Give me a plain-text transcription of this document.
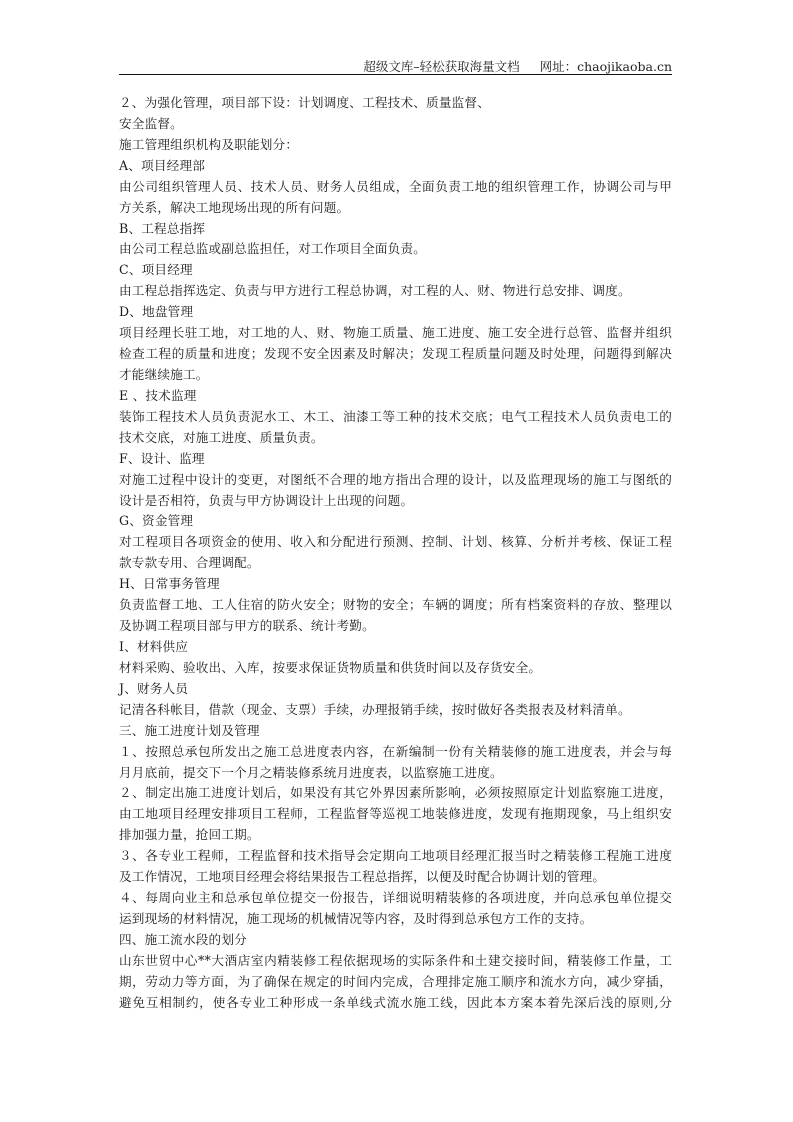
超级文库–轻松获取海量文档 网址：chaojikaoba.cn
２、为强化管理，项目部下设：计划调度、工程技术、质量监督、
安全监督。
施工管理组织机构及职能划分：
A、项目经理部
由公司组织管理人员、技术人员、财务人员组成，全面负责工地的组织管理工作，协调公司与甲
方关系，解决工地现场出现的所有问题。
B、工程总指挥
由公司工程总监或副总监担任，对工作项目全面负责。
C、项目经理
由工程总指挥选定、负责与甲方进行工程总协调，对工程的人、财、物进行总安排、调度。
D、地盘管理
项目经理长驻工地，对工地的人、财、物施工质量、施工进度、施工安全进行总管、监督并组织
检查工程的质量和进度；发现不安全因素及时解决；发现工程质量问题及时处理，问题得到解决
才能继续施工。
E 、技术监理
装饰工程技术人员负责泥水工、木工、油漆工等工种的技术交底；电气工程技术人员负责电工的
技术交底，对施工进度、质量负责。
F、设计、监理
对施工过程中设计的变更，对图纸不合理的地方指出合理的设计，以及监理现场的施工与图纸的
设计是否相符，负责与甲方协调设计上出现的问题。
G、资金管理
对工程项目各项资金的使用、收入和分配进行预测、控制、计划、核算、分析并考核、保证工程
款专款专用、合理调配。
H、日常事务管理
负责监督工地、工人住宿的防火安全；财物的安全；车辆的调度；所有档案资料的存放、整理以
及协调工程项目部与甲方的联系、统计考勤。
I、材料供应
材料采购、验收出、入库，按要求保证货物质量和供货时间以及存货安全。
J、财务人员
记清各科帐目，借款（现金、支票）手续，办理报销手续，按时做好各类报表及材料清单。
三、施工进度计划及管理
１、按照总承包所发出之施工总进度表内容，在新编制一份有关精装修的施工进度表，并会与每
月月底前，提交下一个月之精装修系统月进度表，以监察施工进度。
２、制定出施工进度计划后，如果没有其它外界因素所影响，必须按照原定计划监察施工进度，
由工地项目经理安排项目工程师，工程监督等巡视工地装修进度，发现有拖期现象，马上组织安
排加强力量，抢回工期。
３、各专业工程师，工程监督和技术指导会定期向工地项目经理汇报当时之精装修工程施工进度
及工作情况，工地项目经理会将结果报告工程总指挥，以便及时配合协调计划的管理。
４、每周向业主和总承包单位提交一份报告，详细说明精装修的各项进度，并向总承包单位提交
运到现场的材料情况，施工现场的机械情况等内容，及时得到总承包方工作的支持。
四、施工流水段的划分
山东世贸中心**大酒店室内精装修工程依据现场的实际条件和土建交接时间，精装修工作量，工
期，劳动力等方面，为了确保在规定的时间内完成，合理排定施工顺序和流水方向，减少穿插，
避免互相制约，使各专业工种形成一条单线式流水施工线，因此本方案本着先深后浅的原则,分
